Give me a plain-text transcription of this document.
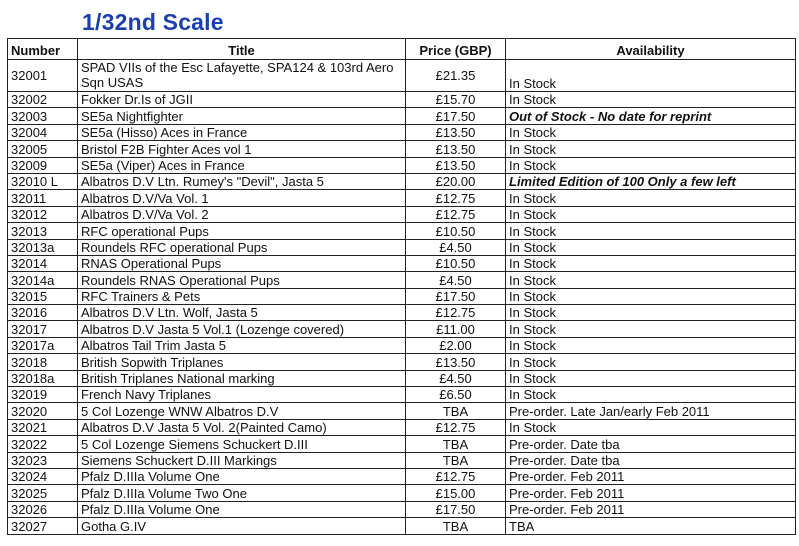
1/32nd Scale
Number	Title	Price (GBP)	Availability
32001	SPAD VIIs of the Esc Lafayette, SPA124 & 103rd Aero Sqn USAS	£21.35	In Stock
32002	Fokker Dr.Is of JGII	£15.70	In Stock
32003	SE5a Nightfighter	£17.50	Out of Stock - No date for reprint
32004	SE5a (Hisso) Aces in France	£13.50	In Stock
32005	Bristol F2B Fighter Aces vol 1	£13.50	In Stock
32009	SE5a (Viper) Aces in France	£13.50	In Stock
32010 L	Albatros D.V Ltn. Rumey's "Devil", Jasta 5	£20.00	Limited Edition of 100 Only a few left
32011	Albatros D.V/Va Vol. 1	£12.75	In Stock
32012	Albatros D.V/Va Vol. 2	£12.75	In Stock
32013	RFC operational Pups	£10.50	In Stock
32013a	Roundels RFC operational Pups	£4.50	In Stock
32014	RNAS Operational Pups	£10.50	In Stock
32014a	Roundels RNAS Operational Pups	£4.50	In Stock
32015	RFC Trainers & Pets	£17.50	In Stock
32016	Albatros D.V Ltn. Wolf, Jasta 5	£12.75	In Stock
32017	Albatros D.V Jasta 5 Vol.1 (Lozenge covered)	£11.00	In Stock
32017a	Albatros Tail Trim Jasta 5	£2.00	In Stock
32018	British Sopwith Triplanes	£13.50	In Stock
32018a	British Triplanes National marking	£4.50	In Stock
32019	French Navy Triplanes	£6.50	In Stock
32020	5 Col Lozenge WNW Albatros D.V	TBA	Pre-order. Late Jan/early Feb 2011
32021	Albatros D.V Jasta 5 Vol. 2(Painted Camo)	£12.75	In Stock
32022	5 Col Lozenge Siemens Schuckert D.III	TBA	Pre-order. Date tba
32023	Siemens Schuckert D.III Markings	TBA	Pre-order. Date tba
32024	Pfalz D.IIIa Volume One	£12.75	Pre-order. Feb 2011
32025	Pfalz D.IIIa Volume Two One	£15.00	Pre-order. Feb 2011
32026	Pfalz D.IIIa Volume One	£17.50	Pre-order. Feb 2011
32027	Gotha G.IV	TBA	TBA
